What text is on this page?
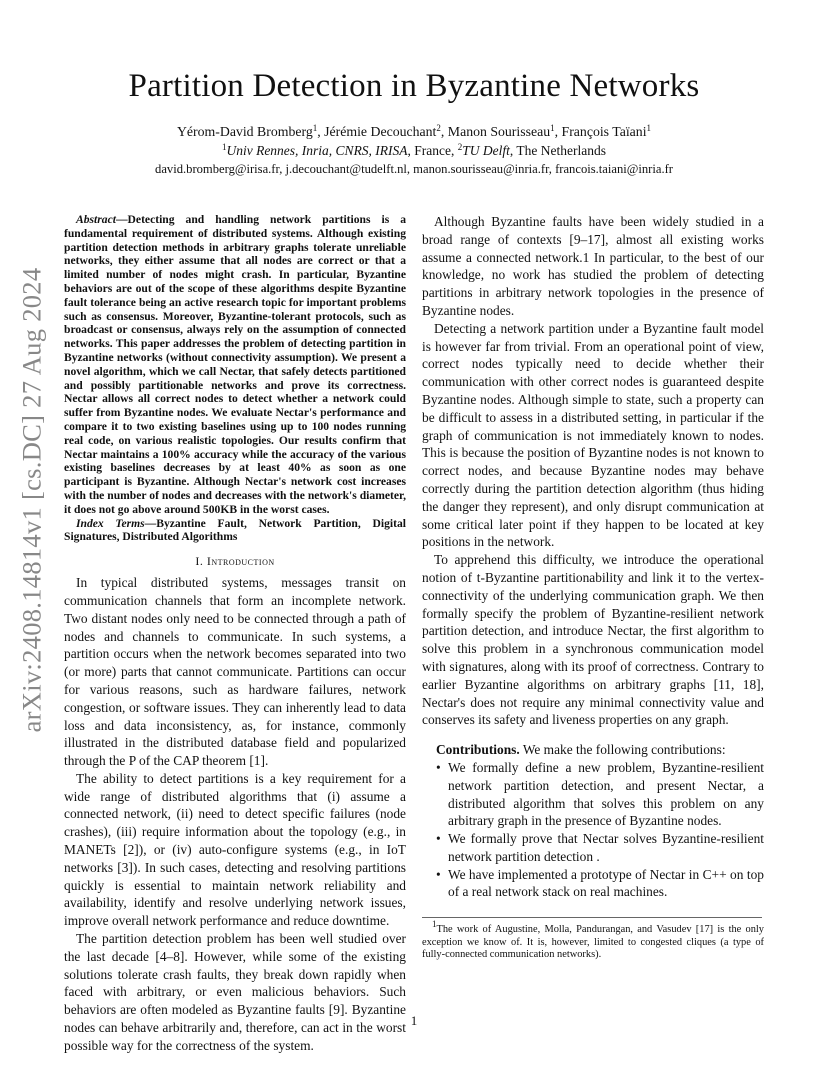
Partition Detection in Byzantine Networks
Yérom-David Bromberg$^1$, Jérémie Decouchant$^2$, Manon Sourisseau$^1$, François Taïani$^1$
$^1$Univ Rennes, Inria, CNRS, IRISA, France, $^2$TU Delft, The Netherlands
david.bromberg@irisa.fr, j.decouchant@tudelft.nl, manon.sourisseau@inria.fr, francois.taiani@inria.fr
arXiv:2408.14814v1 [cs.DC] 27 Aug 2024

Abstract—Detecting and handling network partitions is a fundamental requirement of distributed systems. Although existing partition detection methods in arbitrary graphs tolerate unreliable networks, they either assume that all nodes are correct or that a limited number of nodes might crash. In particular, Byzantine behaviors are out of the scope of these algorithms despite Byzantine fault tolerance being an active research topic for important problems such as consensus. Moreover, Byzantine-tolerant protocols, such as broadcast or consensus, always rely on the assumption of connected networks. This paper addresses the problem of detecting partition in Byzantine networks (without connectivity assumption). We present a novel algorithm, which we call Nectar, that safely detects partitioned and possibly partitionable networks and prove its correctness. Nectar allows all correct nodes to detect whether a network could suffer from Byzantine nodes. We evaluate Nectar's performance and compare it to two existing baselines using up to 100 nodes running real code, on various realistic topologies. Our results confirm that Nectar maintains a 100% accuracy while the accuracy of the various existing baselines decreases by at least 40% as soon as one participant is Byzantine. Although Nectar's network cost increases with the number of nodes and decreases with the network's diameter, it does not go above around 500KB in the worst cases.

Index Terms—Byzantine Fault, Network Partition, Digital Signatures, Distributed Algorithms

I. Introduction

In typical distributed systems, messages transit on communication channels that form an incomplete network. Two distant nodes only need to be connected through a path of nodes and channels to communicate. In such systems, a partition occurs when the network becomes separated into two (or more) parts that cannot communicate. Partitions can occur for various reasons, such as hardware failures, network congestion, or software issues. They can inherently lead to data loss and data inconsistency, as, for instance, commonly illustrated in the distributed database field and popularized through the P of the CAP theorem [1].

The ability to detect partitions is a key requirement for a wide range of distributed algorithms that (i) assume a connected network, (ii) need to detect specific failures (node crashes), (iii) require information about the topology (e.g., in MANETs [2]), or (iv) auto-configure systems (e.g., in IoT networks [3]). In such cases, detecting and resolving partitions quickly is essential to maintain network reliability and availability, identify and resolve underlying network issues, improve overall network performance and reduce downtime.

The partition detection problem has been well studied over the last decade [4–8]. However, while some of the existing solutions tolerate crash faults, they break down rapidly when faced with arbitrary, or even malicious behaviors. Such behaviors are often modeled as Byzantine faults [9]. Byzantine nodes can behave arbitrarily and, therefore, can act in the worst possible way for the correctness of the system.

Although Byzantine faults have been widely studied in a broad range of contexts [9–17], almost all existing works assume a connected network.1 In particular, to the best of our knowledge, no work has studied the problem of detecting partitions in arbitrary network topologies in the presence of Byzantine nodes.

Detecting a network partition under a Byzantine fault model is however far from trivial. From an operational point of view, correct nodes typically need to decide whether their communication with other correct nodes is guaranteed despite Byzantine nodes. Although simple to state, such a property can be difficult to assess in a distributed setting, in particular if the graph of communication is not immediately known to nodes. This is because the position of Byzantine nodes is not known to correct nodes, and because Byzantine nodes may behave correctly during the partition detection algorithm (thus hiding the danger they represent), and only disrupt communication at some critical later point if they happen to be located at key positions in the network.

To apprehend this difficulty, we introduce the operational notion of t-Byzantine partitionability and link it to the vertex-connectivity of the underlying communication graph. We then formally specify the problem of Byzantine-resilient network partition detection, and introduce Nectar, the first algorithm to solve this problem in a synchronous communication model with signatures, along with its proof of correctness. Contrary to earlier Byzantine algorithms on arbitrary graphs [11, 18], Nectar's does not require any minimal connectivity value and conserves its safety and liveness properties on any graph.

Contributions. We make the following contributions:
• We formally define a new problem, Byzantine-resilient network partition detection, and present Nectar, a distributed algorithm that solves this problem on any arbitrary graph in the presence of Byzantine nodes.
• We formally prove that Nectar solves Byzantine-resilient network partition detection .
• We have implemented a prototype of Nectar in C++ on top of a real network stack on real machines.

$^1$The work of Augustine, Molla, Pandurangan, and Vasudev [17] is the only exception we know of. It is, however, limited to congested cliques (a type of fully-connected communication networks).

1
